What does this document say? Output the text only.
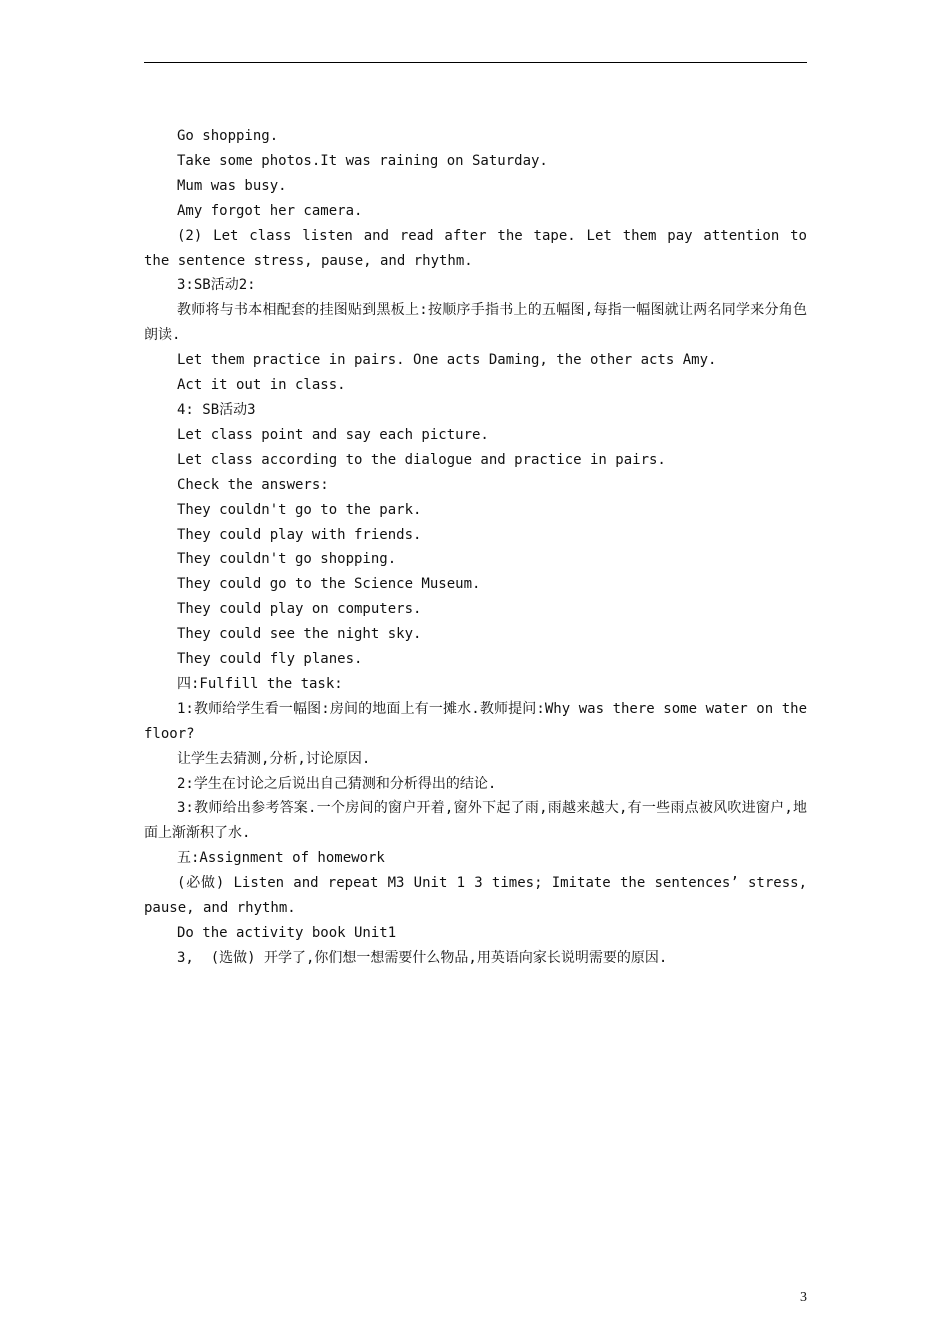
Go shopping.
Take some photos.It was raining on Saturday.
Mum was busy.
Amy forgot her camera.
(2) Let class listen and read after the tape. Let them pay attention to the sentence stress, pause, and rhythm.
3:SB活动2:
教师将与书本相配套的挂图贴到黑板上:按顺序手指书上的五幅图,每指一幅图就让两名同学来分角色朗读.
Let them practice in pairs. One acts Daming, the other acts Amy.
Act it out in class.
4: SB活动3
Let class point and say each picture.
Let class according to the dialogue and practice in pairs.
Check the answers:
They couldn't go to the park.
They could play with friends.
They couldn't go shopping.
They could go to the Science Museum.
They could play on computers.
They could see the night sky.
They could fly planes.
四:Fulfill the task:
1:教师给学生看一幅图:房间的地面上有一摊水.教师提问:Why was there some water on the floor?
让学生去猜测,分析,讨论原因.
2:学生在讨论之后说出自己猜测和分析得出的结论.
3:教师给出参考答案.一个房间的窗户开着,窗外下起了雨,雨越来越大,有一些雨点被风吹进窗户,地面上渐渐积了水.
五:Assignment of homework
(必做) Listen and repeat M3 Unit 1 3 times; Imitate the sentences’ stress, pause, and rhythm.
Do the activity book Unit1
3,  (选做) 开学了,你们想一想需要什么物品,用英语向家长说明需要的原因.
3
